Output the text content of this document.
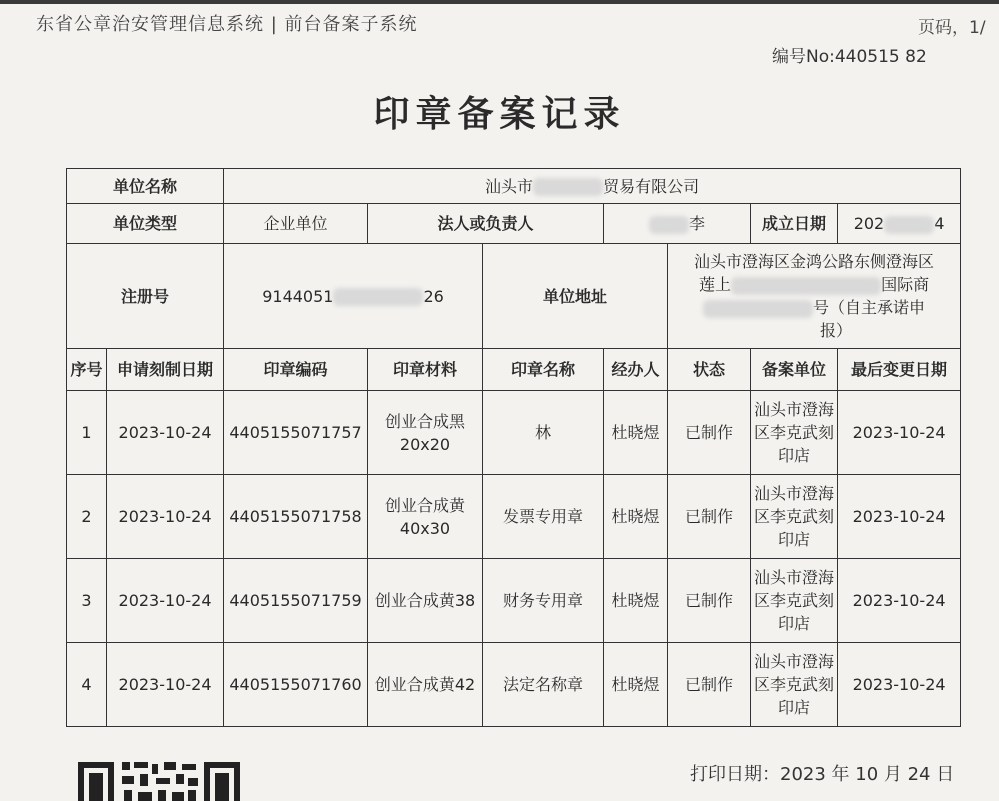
东省公章治安管理信息系统 | 前台备案子系统	页码，1/
编号No:440515 82
印章备案记录
单位名称		汕头市 贸易有限公司						
单位类型		企业单位	法人或负责人		李		成立日期	202 4
注册号		9144051 26		单位地址		汕头市澄海区金鸿公路东侧澄海区
莲上 国际商
号（自主承诺申
报）		

序号	申请刻制日期	印章编码	印章材料	印章名称	经办人	状态	备案单位	最后变更日期
1	2023-10-24	4405155071757	创业合成黑20x20	林	杜晓煜	已制作	汕头市澄海区李克武刻印店	2023-10-24
2	2023-10-24	4405155071758	创业合成黄40x30	发票专用章	杜晓煜	已制作	汕头市澄海区李克武刻印店	2023-10-24
3	2023-10-24	4405155071759	创业合成黄38	财务专用章	杜晓煜	已制作	汕头市澄海区李克武刻印店	2023-10-24
4	2023-10-24	4405155071760	创业合成黄42	法定名称章	杜晓煜	已制作	汕头市澄海区李克武刻印店	2023-10-24
打印日期：2023 年 10 月 24 日
